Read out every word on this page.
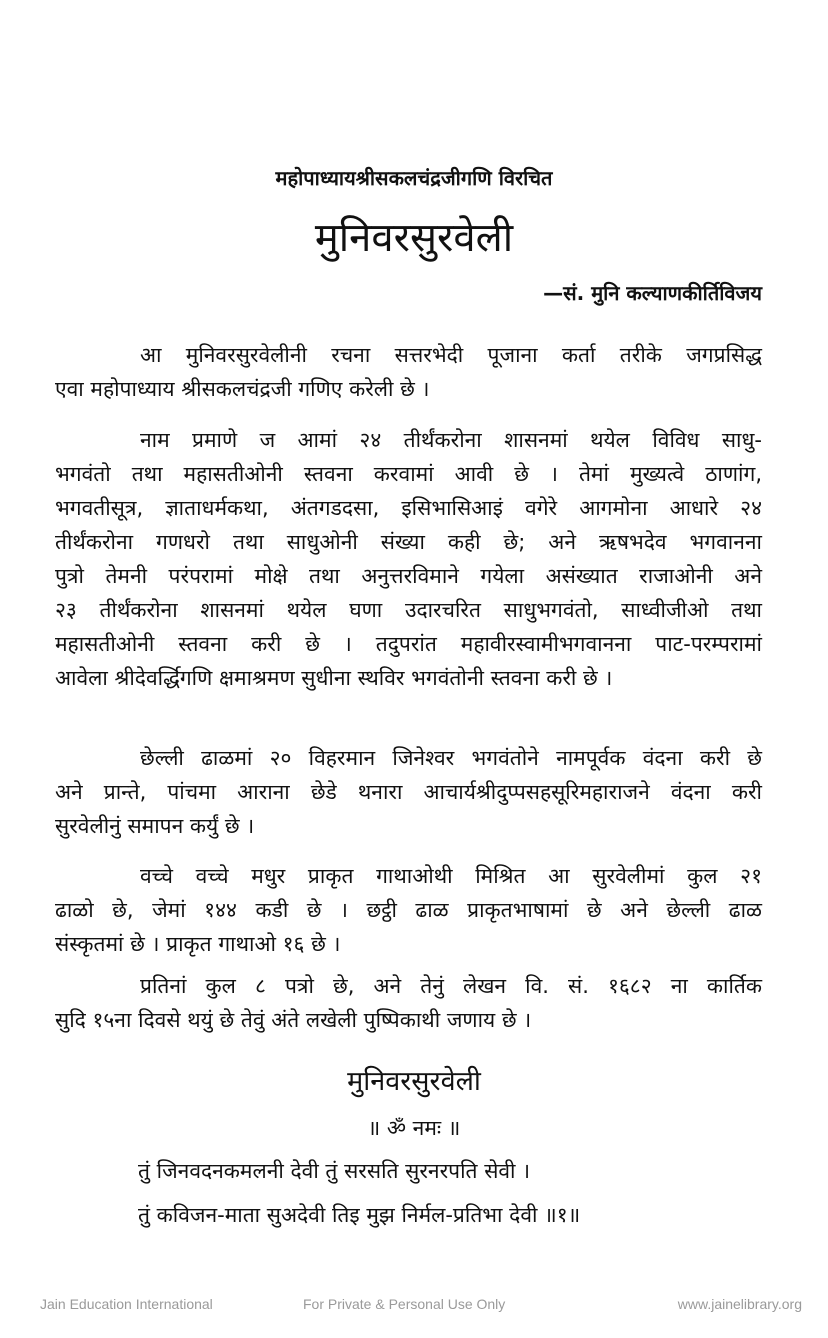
महोपाध्यायश्रीसकलचंद्रजीगणि विरचित
मुनिवरसुरवेली
—सं. मुनि कल्याणकीर्तिविजय
आ मुनिवरसुरवेलीनी रचना सत्तरभेदी पूजाना कर्ता तरीके जगप्रसिद्ध
एवा महोपाध्याय श्रीसकलचंद्रजी गणिए करेली छे ।
नाम प्रमाणे ज आमां २४ तीर्थंकरोना शासनमां थयेल विविध साधु-
भगवंतो तथा महासतीओनी स्तवना करवामां आवी छे । तेमां मुख्यत्वे ठाणांग,
भगवतीसूत्र, ज्ञाताधर्मकथा, अंतगडदसा, इसिभासिआइं वगेरे आगमोना आधारे २४
तीर्थंकरोना गणधरो तथा साधुओनी संख्या कही छे; अने ऋषभदेव भगवानना
पुत्रो तेमनी परंपरामां मोक्षे तथा अनुत्तरविमाने गयेला असंख्यात राजाओनी अने
२३ तीर्थंकरोना शासनमां थयेल घणा उदारचरित साधुभगवंतो, साध्वीजीओ तथा
महासतीओनी स्तवना करी छे । तदुपरांत महावीरस्वामीभगवानना पाट-परम्परामां
आवेला श्रीदेवर्द्धिगणि क्षमाश्रमण सुधीना स्थविर भगवंतोनी स्तवना करी छे ।
छेल्ली ढाळमां २० विहरमान जिनेश्वर भगवंतोने नामपूर्वक वंदना करी छे
अने प्रान्ते, पांचमा आराना छेडे थनारा आचार्यश्रीदुप्पसहसूरिमहाराजने वंदना करी
सुरवेलीनुं समापन कर्युं छे ।
वच्चे वच्चे मधुर प्राकृत गाथाओथी मिश्रित आ सुरवेलीमां कुल २१
ढाळो छे, जेमां १४४ कडी छे । छट्ठी ढाळ प्राकृतभाषामां छे अने छेल्ली ढाळ
संस्कृतमां छे । प्राकृत गाथाओ १६ छे ।
प्रतिनां कुल ८ पत्रो छे, अने तेनुं लेखन वि. सं. १६८२ ना कार्तिक
सुदि १५ना दिवसे थयुं छे तेवुं अंते लखेली पुष्पिकाथी जणाय छे ।
मुनिवरसुरवेली
॥ ॐ नमः ॥
तुं जिनवदनकमलनी देवी तुं सरसति सुरनरपति सेवी ।
तुं कविजन-माता सुअदेवी तिइ मुझ निर्मल-प्रतिभा देवी ॥१॥
Jain Education International	For Private & Personal Use Only	www.jainelibrary.org
